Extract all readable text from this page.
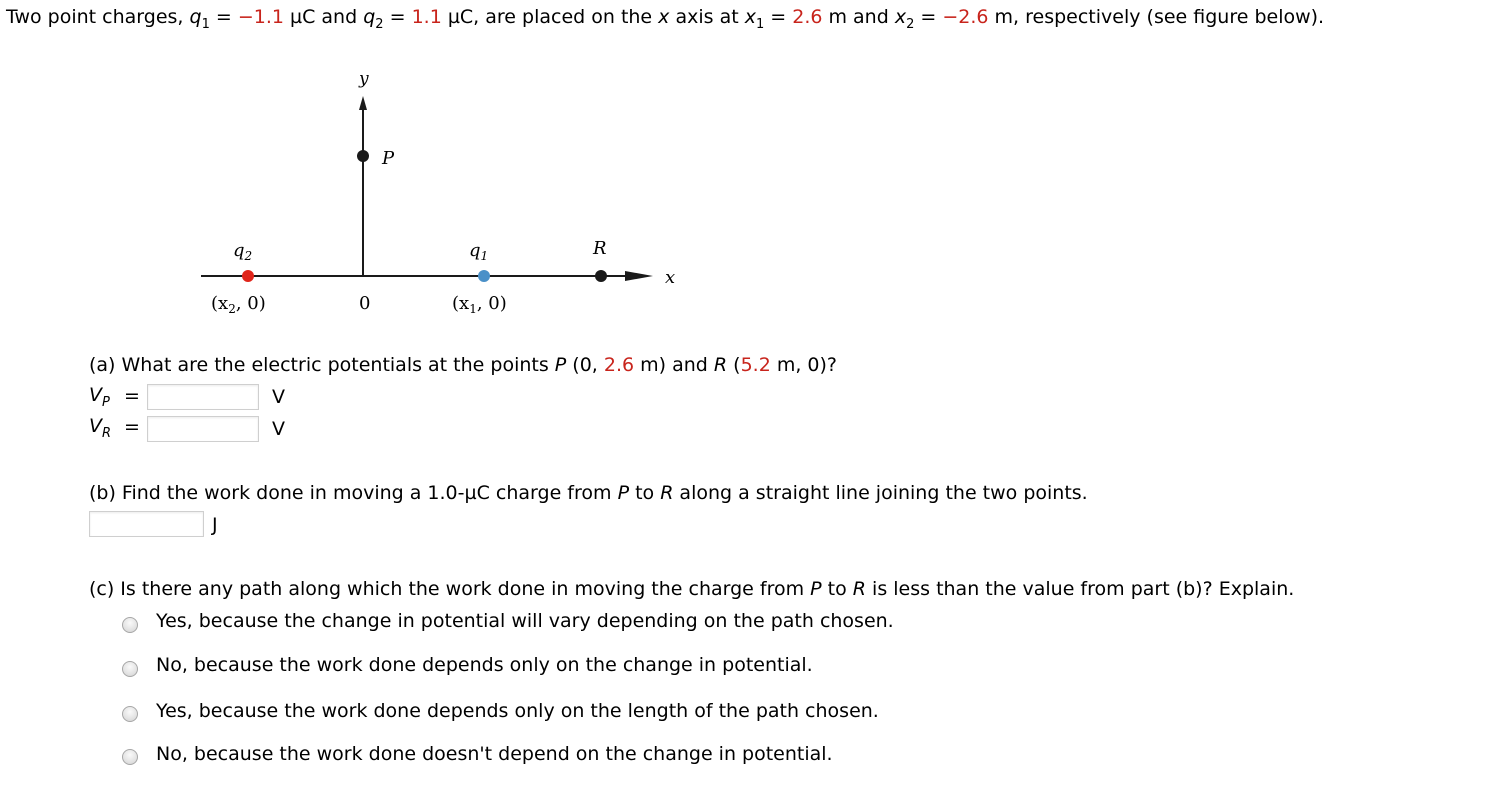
Two point charges, $q_1 = -1.1$ µC and $q_2 = 1.1$ µC, are placed on the x axis at $x_1 = 2.6$ m and $x_2 = -2.6$ m, respectively (see figure below).
x
y
P
$q_2$	$q_1$	R
($x_2$, 0)	0	($x_1$, 0)
(a) What are the electric potentials at the points P (0, 2.6 m) and R (5.2 m, 0)?
$V_P$ =	V
$V_R$ =	V
(b) Find the work done in moving a 1.0-µC charge from P to R along a straight line joining the two points.
J
(c) Is there any path along which the work done in moving the charge from P to R is less than the value from part (b)? Explain.
Yes, because the change in potential will vary depending on the path chosen.
No, because the work done depends only on the change in potential.
Yes, because the work done depends only on the length of the path chosen.
No, because the work done doesn't depend on the change in potential.
